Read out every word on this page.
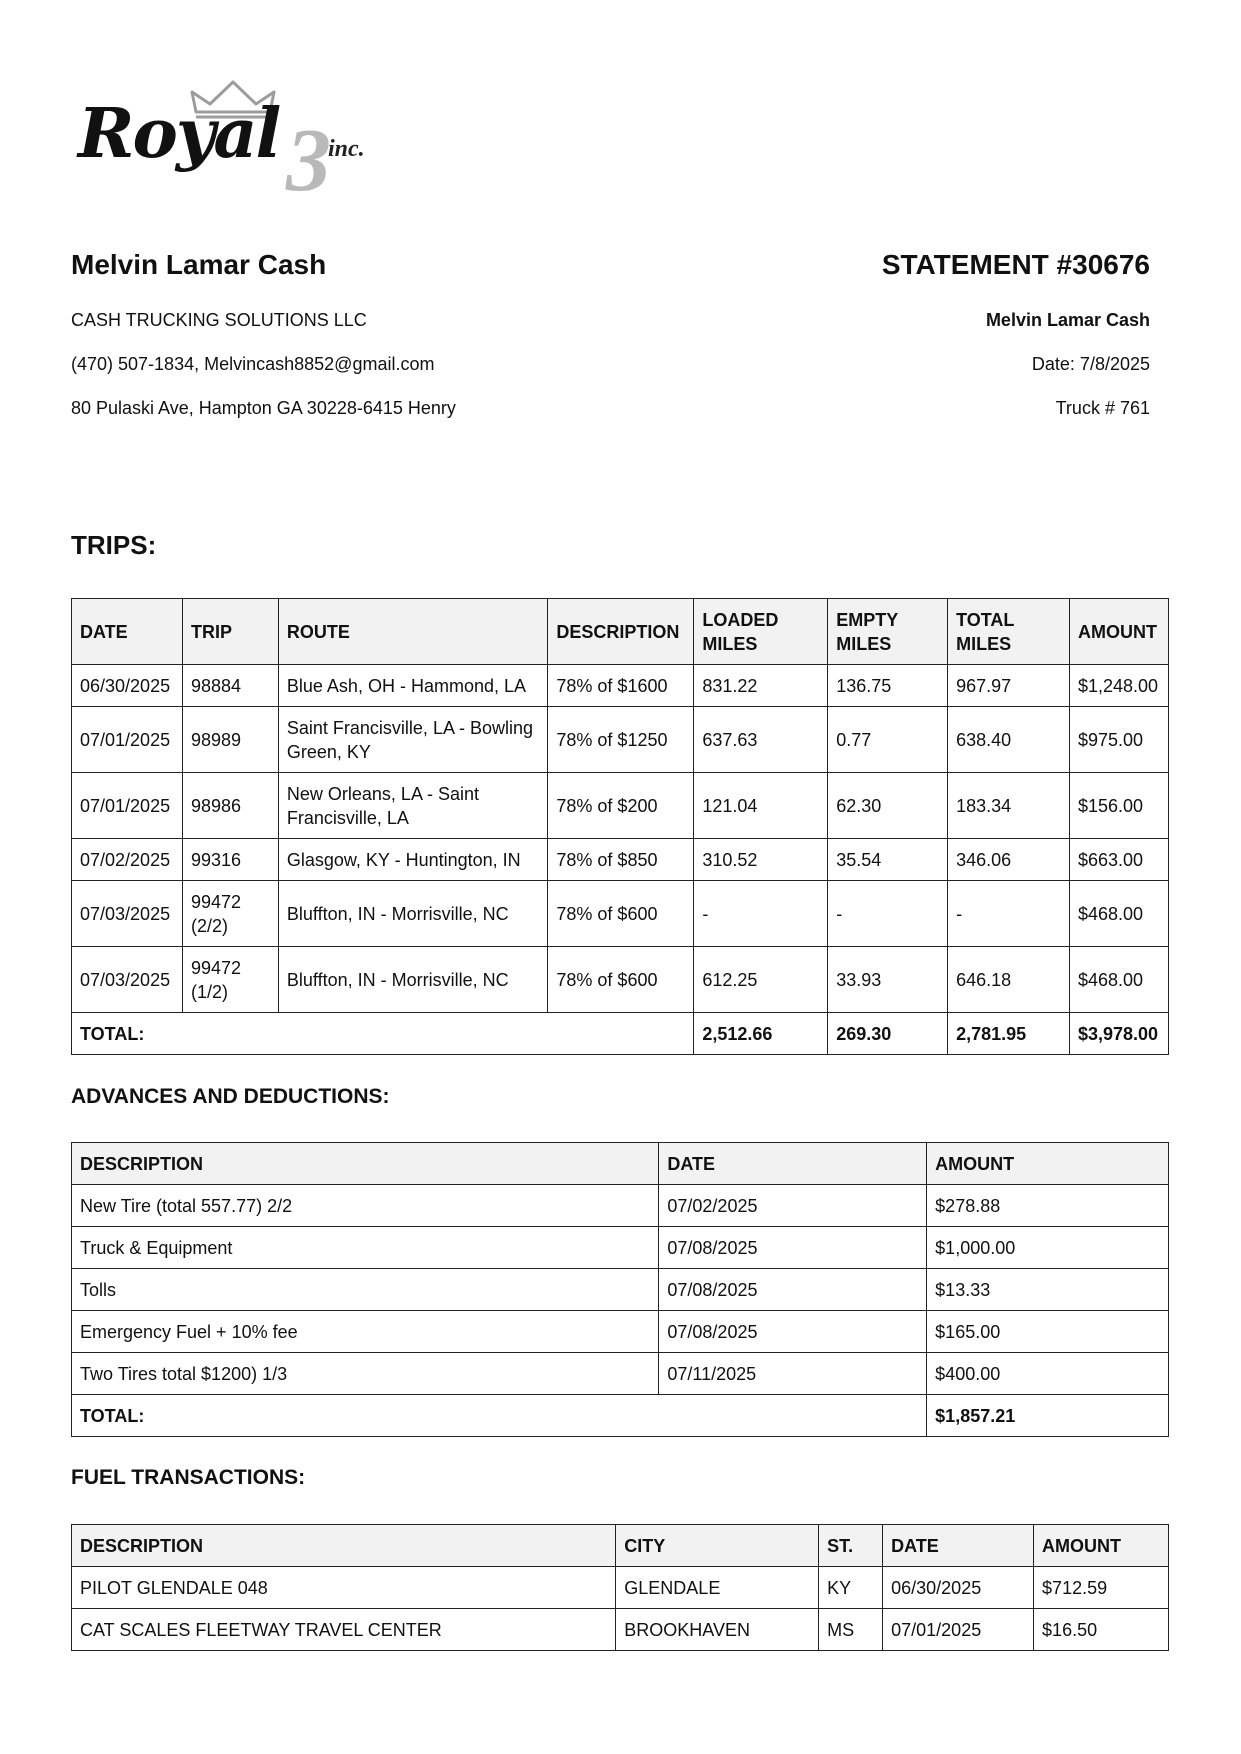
Royal 3
inc.
Melvin Lamar Cash
CASH TRUCKING SOLUTIONS LLC
(470) 507-1834, Melvincash8852@gmail.com
80 Pulaski Ave, Hampton GA 30228-6415 Henry
STATEMENT #30676
Melvin Lamar Cash
Date: 7/8/2025
Truck # 761
TRIPS:
DATE	TRIP	ROUTE	DESCRIPTION	LOADED MILES	EMPTY MILES	TOTAL MILES	AMOUNT
06/30/2025	98884	Blue Ash, OH - Hammond, LA	78% of $1600	831.22	136.75	967.97	$1,248.00
07/01/2025	98989	Saint Francisville, LA - Bowling Green, KY	78% of $1250	637.63	0.77	638.40	$975.00
07/01/2025	98986	New Orleans, LA - Saint Francisville, LA	78% of $200	121.04	62.30	183.34	$156.00
07/02/2025	99316	Glasgow, KY - Huntington, IN	78% of $850	310.52	35.54	346.06	$663.00
07/03/2025	99472 (2/2)	Bluffton, IN - Morrisville, NC	78% of $600	-	-	-	$468.00
07/03/2025	99472 (1/2)	Bluffton, IN - Morrisville, NC	78% of $600	612.25	33.93	646.18	$468.00
TOTAL:				2,512.66	269.30	2,781.95	$3,978.00
ADVANCES AND DEDUCTIONS:
DESCRIPTION	DATE	AMOUNT
New Tire (total 557.77) 2/2	07/02/2025	$278.88
Truck & Equipment	07/08/2025	$1,000.00
Tolls	07/08/2025	$13.33
Emergency Fuel + 10% fee	07/08/2025	$165.00
Two Tires total $1200) 1/3	07/11/2025	$400.00
TOTAL:		$1,857.21
FUEL TRANSACTIONS:
DESCRIPTION	CITY	ST.	DATE	AMOUNT
PILOT GLENDALE 048	GLENDALE	KY	06/30/2025	$712.59
CAT SCALES FLEETWAY TRAVEL CENTER	BROOKHAVEN	MS	07/01/2025	$16.50
